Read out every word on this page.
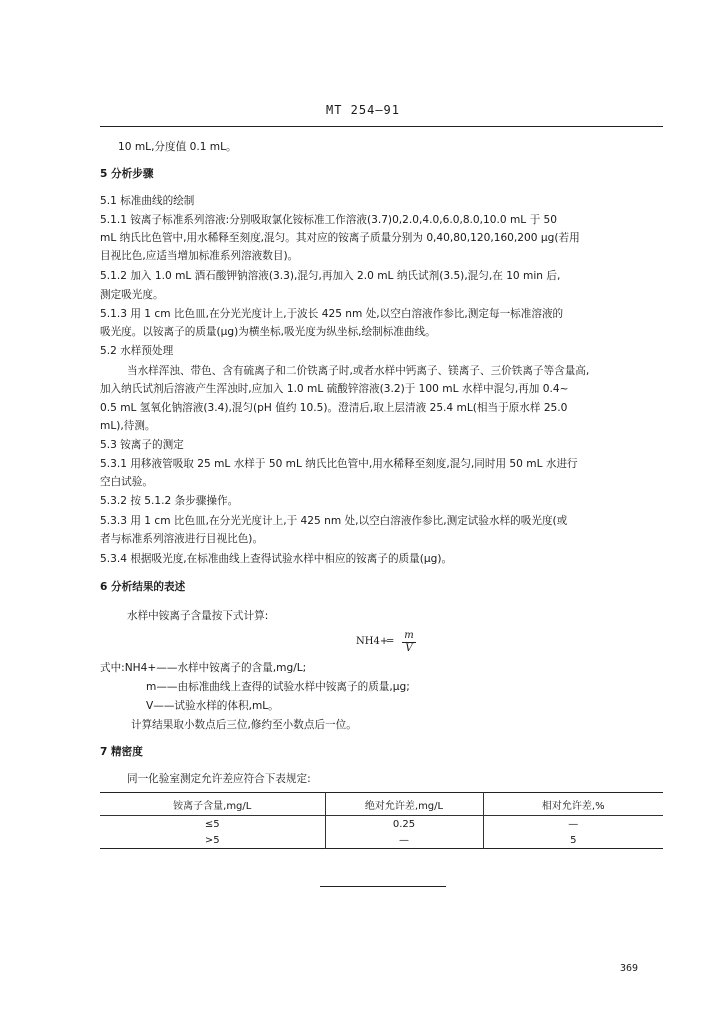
MT 254—91
10 mL,分度值 0.1 mL。
5 分析步骤
5.1 标准曲线的绘制
5.1.1 铵离子标准系列溶液:分别吸取氯化铵标准工作溶液(3.7)0,2.0,4.0,6.0,8.0,10.0 mL 于 50
mL 纳氏比色管中,用水稀释至刻度,混匀。其对应的铵离子质量分别为 0,40,80,120,160,200 μg(若用
目视比色,应适当增加标准系列溶液数目)。
5.1.2 加入 1.0 mL 酒石酸钾钠溶液(3.3),混匀,再加入 2.0 mL 纳氏试剂(3.5),混匀,在 10 min 后,
测定吸光度。
5.1.3 用 1 cm 比色皿,在分光光度计上,于波长 425 nm 处,以空白溶液作参比,测定每一标准溶液的
吸光度。以铵离子的质量(μg)为横坐标,吸光度为纵坐标,绘制标准曲线。
5.2 水样预处理
当水样浑浊、带色、含有硫离子和二价铁离子时,或者水样中钙离子、镁离子、三价铁离子等含量高,
加入纳氏试剂后溶液产生浑浊时,应加入 1.0 mL 硫酸锌溶液(3.2)于 100 mL 水样中混匀,再加 0.4~
0.5 mL 氢氧化钠溶液(3.4),混匀(pH 值约 10.5)。澄清后,取上层清液 25.4 mL(相当于原水样 25.0
mL),待测。
5.3 铵离子的测定
5.3.1 用移液管吸取 25 mL 水样于 50 mL 纳氏比色管中,用水稀释至刻度,混匀,同时用 50 mL 水进行
空白试验。
5.3.2 按 5.1.2 条步骤操作。
5.3.3 用 1 cm 比色皿,在分光光度计上,于 425 nm 处,以空白溶液作参比,测定试验水样的吸光度(或
者与标准系列溶液进行目视比色)。
5.3.4 根据吸光度,在标准曲线上查得试验水样中相应的铵离子的质量(μg)。
6 分析结果的表述
水样中铵离子含量按下式计算:
NH4+
=
m
V
式中:NH4+——水样中铵离子的含量,mg/L;
m——由标准曲线上查得的试验水样中铵离子的质量,μg;
V——试验水样的体积,mL。
计算结果取小数点后三位,修约至小数点后一位。
7 精密度
同一化验室测定允许差应符合下表规定:
铵离子含量,mg/L	绝对允许差,mg/L	相对允许差,%
≤5	0.25	—
>5	—	5
369
